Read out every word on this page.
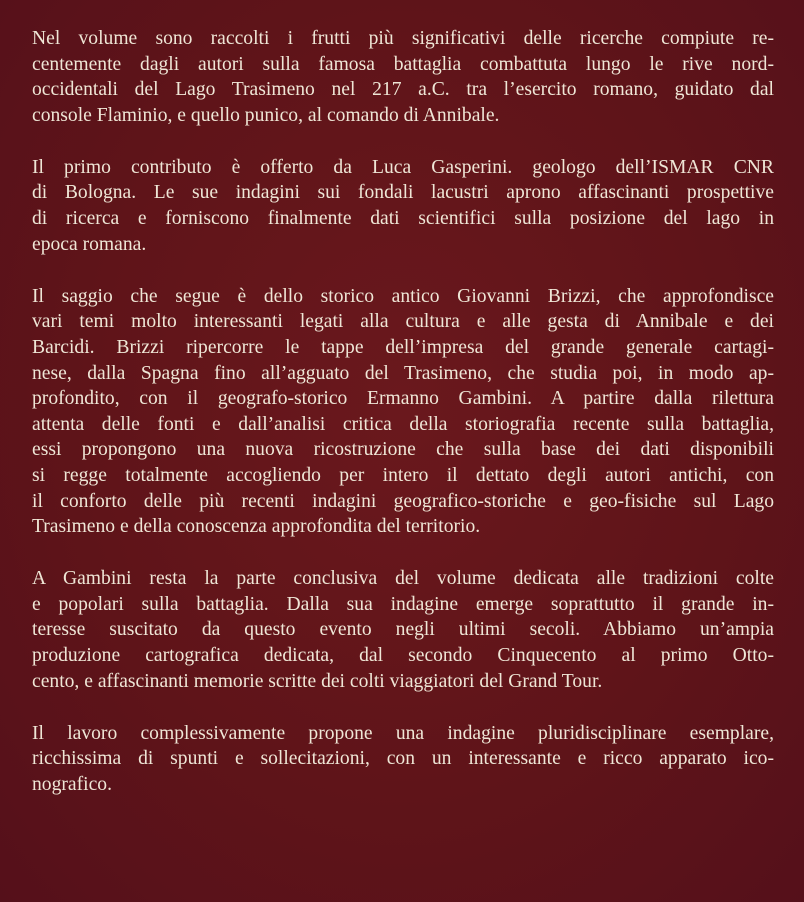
Nel volume sono raccolti i frutti più significativi delle ricerche compiute re-
centemente dagli autori sulla famosa battaglia combattuta lungo le rive nord-
occidentali del Lago Trasimeno nel 217 a.C. tra l’esercito romano, guidato dal
console Flaminio, e quello punico, al comando di Annibale.

Il primo contributo è offerto da Luca Gasperini. geologo dell’ISMAR CNR
di Bologna. Le sue indagini sui fondali lacustri aprono affascinanti prospettive
di ricerca e forniscono finalmente dati scientifici sulla posizione del lago in
epoca romana.

Il saggio che segue è dello storico antico Giovanni Brizzi, che approfondisce
vari temi molto interessanti legati alla cultura e alle gesta di Annibale e dei
Barcidi. Brizzi ripercorre le tappe dell’impresa del grande generale cartagi-
nese, dalla Spagna fino all’agguato del Trasimeno, che studia poi, in modo ap-
profondito, con il geografo-storico Ermanno Gambini. A partire dalla rilettura
attenta delle fonti e dall’analisi critica della storiografia recente sulla battaglia,
essi propongono una nuova ricostruzione che sulla base dei dati disponibili
si regge totalmente accogliendo per intero il dettato degli autori antichi, con
il conforto delle più recenti indagini geografico-storiche e geo-fisiche sul Lago
Trasimeno e della conoscenza approfondita del territorio.

A Gambini resta la parte conclusiva del volume dedicata alle tradizioni colte
e popolari sulla battaglia. Dalla sua indagine emerge soprattutto il grande in-
teresse suscitato da questo evento negli ultimi secoli. Abbiamo un’ampia
produzione cartografica dedicata, dal secondo Cinquecento al primo Otto-
cento, e affascinanti memorie scritte dei colti viaggiatori del Grand Tour.

Il lavoro complessivamente propone una indagine pluridisciplinare esemplare,
ricchissima di spunti e sollecitazioni, con un interessante e ricco apparato ico-
nografico.
